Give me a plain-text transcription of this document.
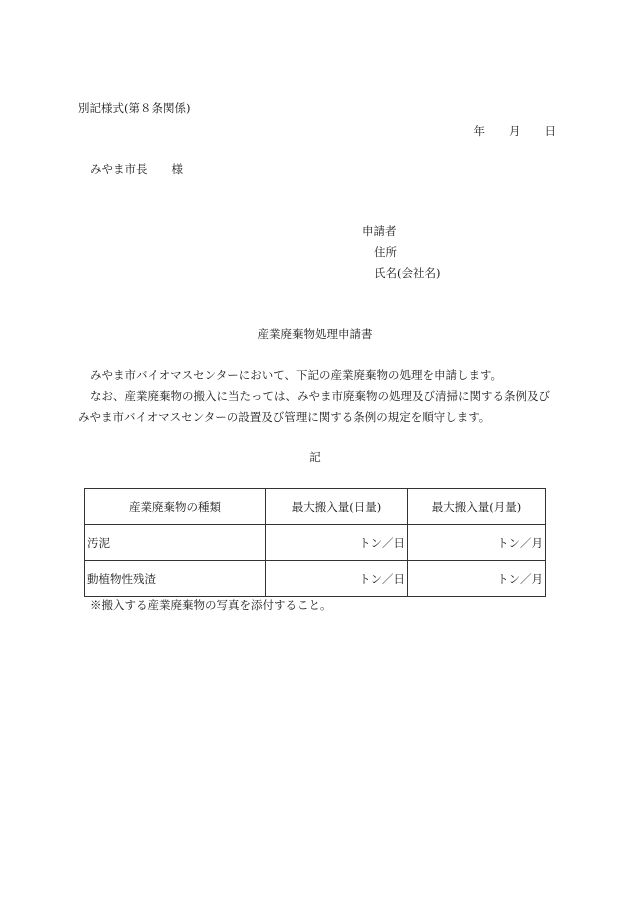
別記様式(第８条関係)
年 月 日
みやま市長 様
申請者
住所
氏名(会社名)
産業廃棄物処理申請書

みやま市バイオマスセンターにおいて、下記の産業廃棄物の処理を申請します。

なお、産業廃棄物の搬入に当たっては、みやま市廃棄物の処理及び清掃に関する条例及びみやま市バイオマスセンターの設置及び管理に関する条例の規定を順守します。

記
産業廃棄物の種類	最大搬入量(日量)	最大搬入量(月量)
汚泥	トン／日	トン／月
動植物性残渣	トン／日	トン／月
※搬入する産業廃棄物の写真を添付すること。
